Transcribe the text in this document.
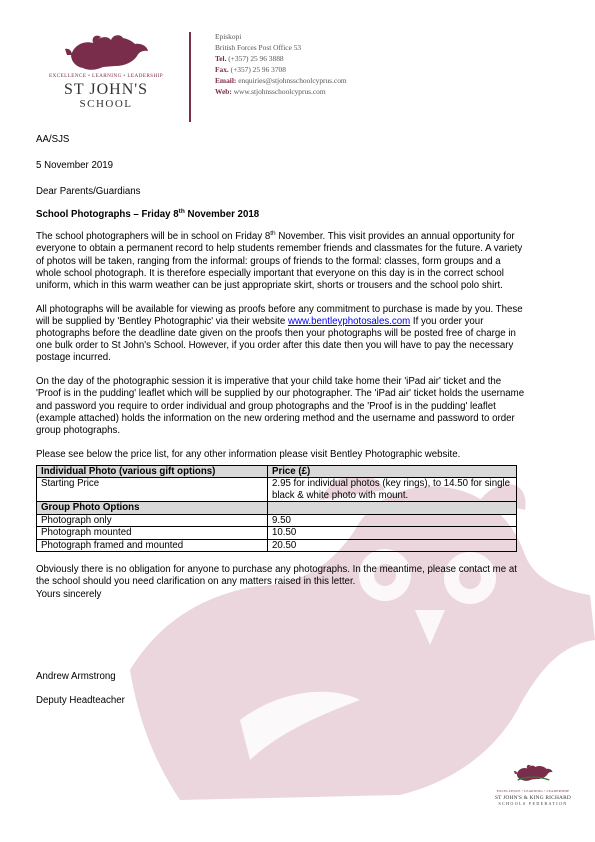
EXCELLENCE • LEARNING • LEADERSHIP
ST JOHN'S
SCHOOL
Episkopi
British Forces Post Office 53
Tel. (+357) 25 96 3888
Fax. (+357) 25 96 3708
Email: enquiries@stjohnsschoolcyprus.com
Web: www.stjohnsschoolcyprus.com

AA/SJS

5 November 2019

Dear Parents/Guardians

School Photographs – Friday 8th November 2018

The school photographers will be in school on Friday 8th November. This visit provides an annual opportunity for everyone to obtain a permanent record to help students remember friends and classmates for the future. A variety of photos will be taken, ranging from the informal: groups of friends to the formal: classes, form groups and a whole school photograph. It is therefore especially important that everyone on this day is in the correct school uniform, which in this warm weather can be just appropriate skirt, shorts or trousers and the school polo shirt.

All photographs will be available for viewing as proofs before any commitment to purchase is made by you. These will be supplied by 'Bentley Photographic' via their website www.bentleyphotosales.com If you order your photographs before the deadline date given on the proofs then your photographs will be posted free of charge in one bulk order to St John's School. However, if you order after this date then you will have to pay the necessary postage incurred.

On the day of the photographic session it is imperative that your child take home their 'iPad air' ticket and the 'Proof is in the pudding' leaflet which will be supplied by our photographer. The 'iPad air' ticket holds the username and password you require to order individual and group photographs and the 'Proof is in the pudding' leaflet (example attached) holds the information on the new ordering method and the username and password to order group photographs.

Please see below the price list, for any other information please visit Bentley Photographic website.

Individual Photo (various gift options)	Price (£)
Starting Price	2.95 for individual photos (key rings), to 14.50 for single black & white photo with mount.
Group Photo Options	
Photograph only	9.50
Photograph mounted	10.50
Photograph framed and mounted	20.50

Obviously there is no obligation for anyone to purchase any photographs. In the meantime, please contact me at the school should you need clarification on any matters raised in this letter.

Yours sincerely

Andrew Armstrong

Deputy Headteacher

EXCELLENCE • LEARNING • LEADERSHIP
ST JOHN'S & KING RICHARD
SCHOOLS FEDERATION
